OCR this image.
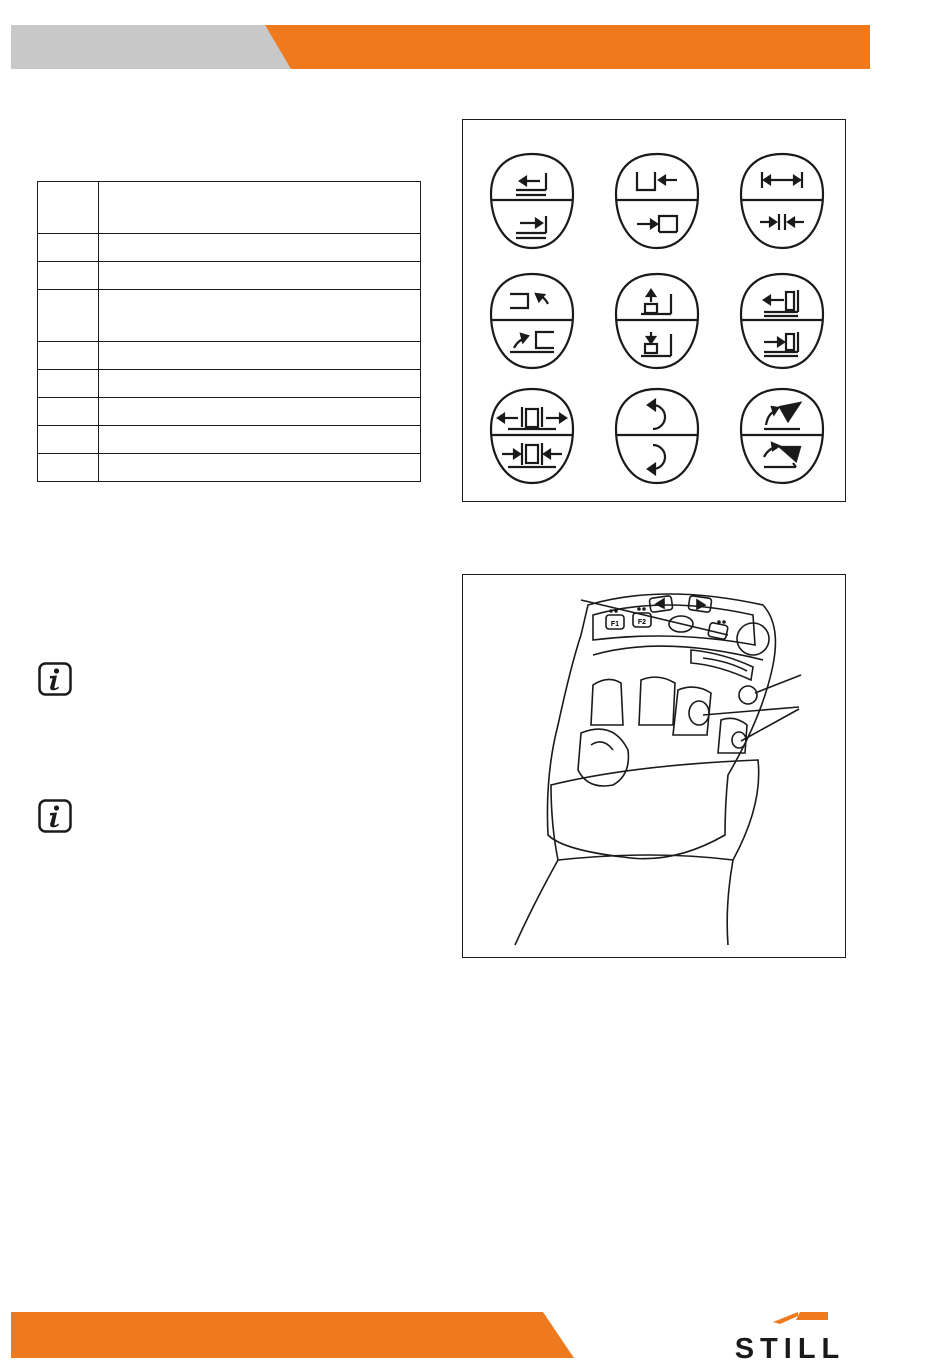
F1	F2
STILL
